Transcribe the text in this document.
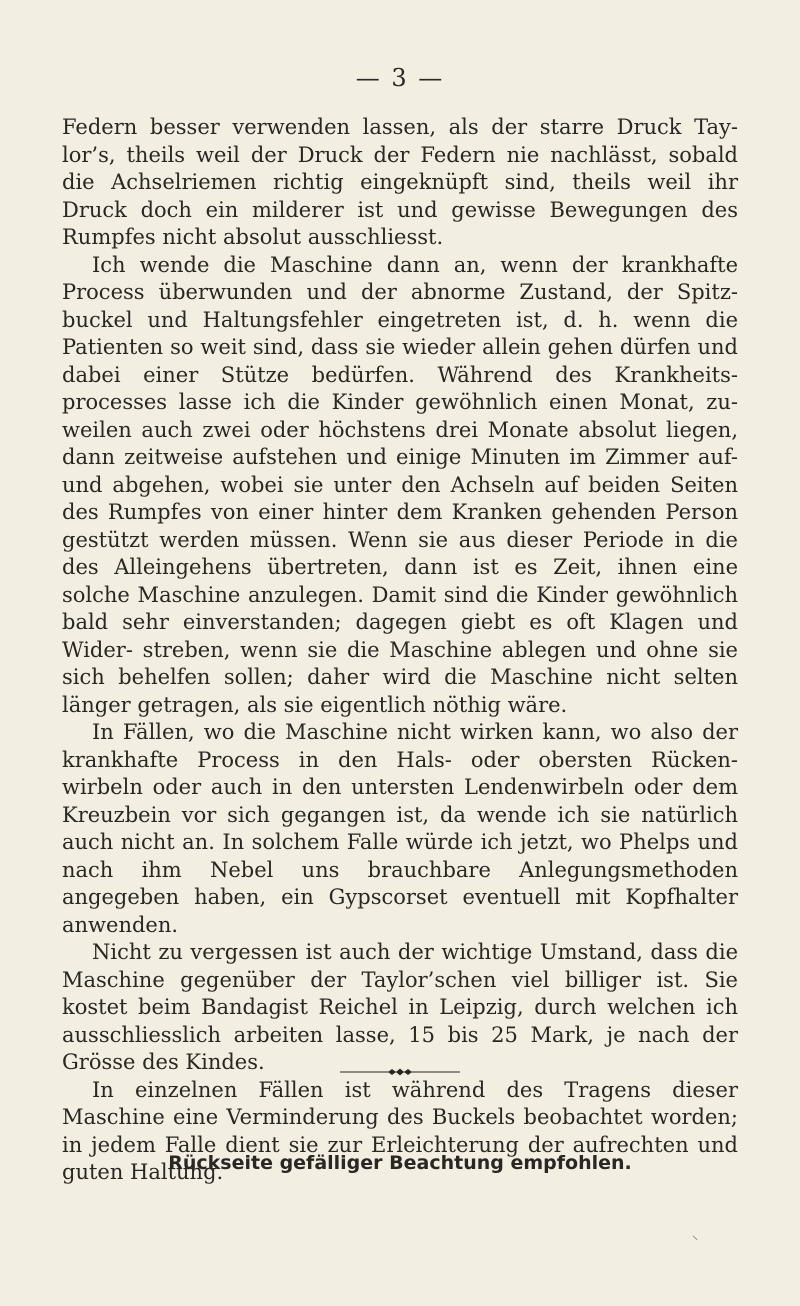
— 3 —

Federn besser verwenden lassen, als der starre Druck Tay- lor’s, theils weil der Druck der Federn nie nachlässt, sobald die Achselriemen richtig eingeknüpft sind, theils weil ihr Druck doch ein milderer ist und gewisse Bewegungen des Rumpfes nicht absolut ausschliesst.

Ich wende die Maschine dann an, wenn der krankhafte Process überwunden und der abnorme Zustand, der Spitz- buckel und Haltungsfehler eingetreten ist, d. h. wenn die Patienten so weit sind, dass sie wieder allein gehen dürfen und dabei einer Stütze bedürfen. Während des Krankheits- processes lasse ich die Kinder gewöhnlich einen Monat, zu- weilen auch zwei oder höchstens drei Monate absolut liegen, dann zeitweise aufstehen und einige Minuten im Zimmer auf- und abgehen, wobei sie unter den Achseln auf beiden Seiten des Rumpfes von einer hinter dem Kranken gehenden Person gestützt werden müssen. Wenn sie aus dieser Periode in die des Alleingehens übertreten, dann ist es Zeit, ihnen eine solche Maschine anzulegen. Damit sind die Kinder gewöhnlich bald sehr einverstanden; dagegen giebt es oft Klagen und Wider- streben, wenn sie die Maschine ablegen und ohne sie sich behelfen sollen; daher wird die Maschine nicht selten länger getragen, als sie eigentlich nöthig wäre.

In Fällen, wo die Maschine nicht wirken kann, wo also der krankhafte Process in den Hals- oder obersten Rücken- wirbeln oder auch in den untersten Lendenwirbeln oder dem Kreuzbein vor sich gegangen ist, da wende ich sie natürlich auch nicht an. In solchem Falle würde ich jetzt, wo Phelps und nach ihm Nebel uns brauchbare Anlegungsmethoden angegeben haben, ein Gypscorset eventuell mit Kopfhalter anwenden.

Nicht zu vergessen ist auch der wichtige Umstand, dass die Maschine gegenüber der Taylor’schen viel billiger ist. Sie kostet beim Bandagist Reichel in Leipzig, durch welchen ich ausschliesslich arbeiten lasse, 15 bis 25 Mark, je nach der Grösse des Kindes.

In einzelnen Fällen ist während des Tragens dieser Maschine eine Verminderung des Buckels beobachtet worden; in jedem Falle dient sie zur Erleichterung der aufrechten und guten Haltung.

Rückseite gefälliger Beachtung empfohlen.
⸜
